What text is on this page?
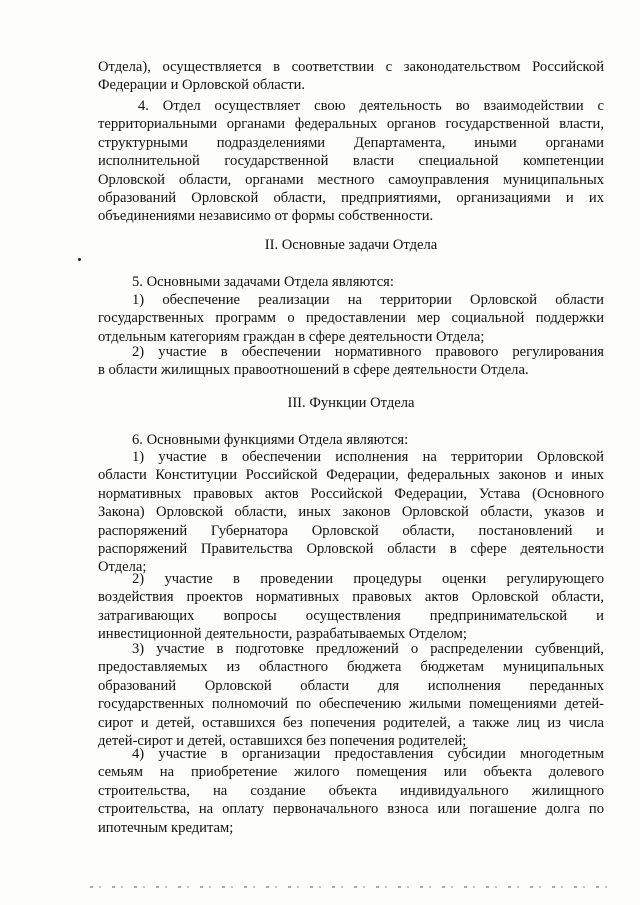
Отдела), осуществляется в соответствии с законодательством Российской
Федерации и Орловской области.
4. Отдел осуществляет свою деятельность во взаимодействии с
территориальными органами федеральных органов государственной власти,
структурными подразделениями Департамента, иными органами
исполнительной государственной власти специальной компетенции
Орловской области, органами местного самоуправления муниципальных
образований Орловской области, предприятиями, организациями и их
объединениями независимо от формы собственности.
II. Основные задачи Отдела
5. Основными задачами Отдела являются:
1) обеспечение реализации на территории Орловской области
государственных программ о предоставлении мер социальной поддержки
отдельным категориям граждан в сфере деятельности Отдела;
2) участие в обеспечении нормативного правового регулирования
в области жилищных правоотношений в сфере деятельности Отдела.
III. Функции Отдела
6. Основными функциями Отдела являются:
1) участие в обеспечении исполнения на территории Орловской
области Конституции Российской Федерации, федеральных законов и иных
нормативных правовых актов Российской Федерации, Устава (Основного
Закона) Орловской области, иных законов Орловской области, указов и
распоряжений Губернатора Орловской области, постановлений и
распоряжений Правительства Орловской области в сфере деятельности
Отдела;
2) участие в проведении процедуры оценки регулирующего
воздействия проектов нормативных правовых актов Орловской области,
затрагивающих вопросы осуществления предпринимательской и
инвестиционной деятельности, разрабатываемых Отделом;
3) участие в подготовке предложений о распределении субвенций,
предоставляемых из областного бюджета бюджетам муниципальных
образований Орловской области для исполнения переданных
государственных полномочий по обеспечению жилыми помещениями детей-
сирот и детей, оставшихся без попечения родителей, а также лиц из числа
детей-сирот и детей, оставшихся без попечения родителей;
4) участие в организации предоставления субсидии многодетным
семьям на приобретение жилого помещения или объекта долевого
строительства, на создание объекта индивидуального жилищного
строительства, на оплату первоначального взноса или погашение долга по
ипотечным кредитам;
